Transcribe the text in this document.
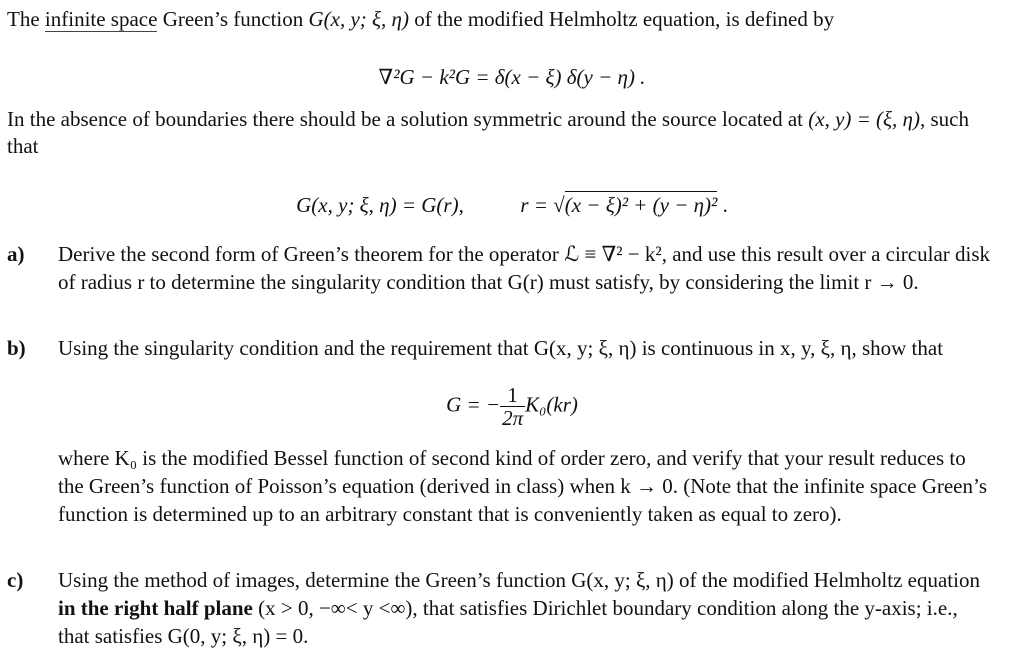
The infinite space Green’s function G(x, y; ξ, η) of the modified Helmholtz equation, is defined by
∇²G − k²G = δ(x − ξ) δ(y − η) .
In the absence of boundaries there should be a solution symmetric around the source located at (x, y) = (ξ, η), such that
G(x, y; ξ, η) = G(r),	r = √(x − ξ)² + (y − η)² .
a) Derive the second form of Green’s theorem for the operator ℒ ≡ ∇² − k², and use this result over a circular disk of radius r to determine the singularity condition that G(r) must satisfy, by considering the limit r → 0.
b) Using the singularity condition and the requirement that G(x, y; ξ, η) is continuous in x, y, ξ, η, show that
G = − $\frac{1}{2\pi} K_0(kr)$
where K₀ is the modified Bessel function of second kind of order zero, and verify that your result reduces to the Green’s function of Poisson’s equation (derived in class) when k → 0. (Note that the infinite space Green’s function is determined up to an arbitrary constant that is conveniently taken as equal to zero).
c) Using the method of images, determine the Green’s function G(x, y; ξ, η) of the modified Helmholtz equation in the right half plane (x > 0, −∞< y <∞), that satisfies Dirichlet boundary condition along the y-axis; i.e., that satisfies G(0, y; ξ, η) = 0.
